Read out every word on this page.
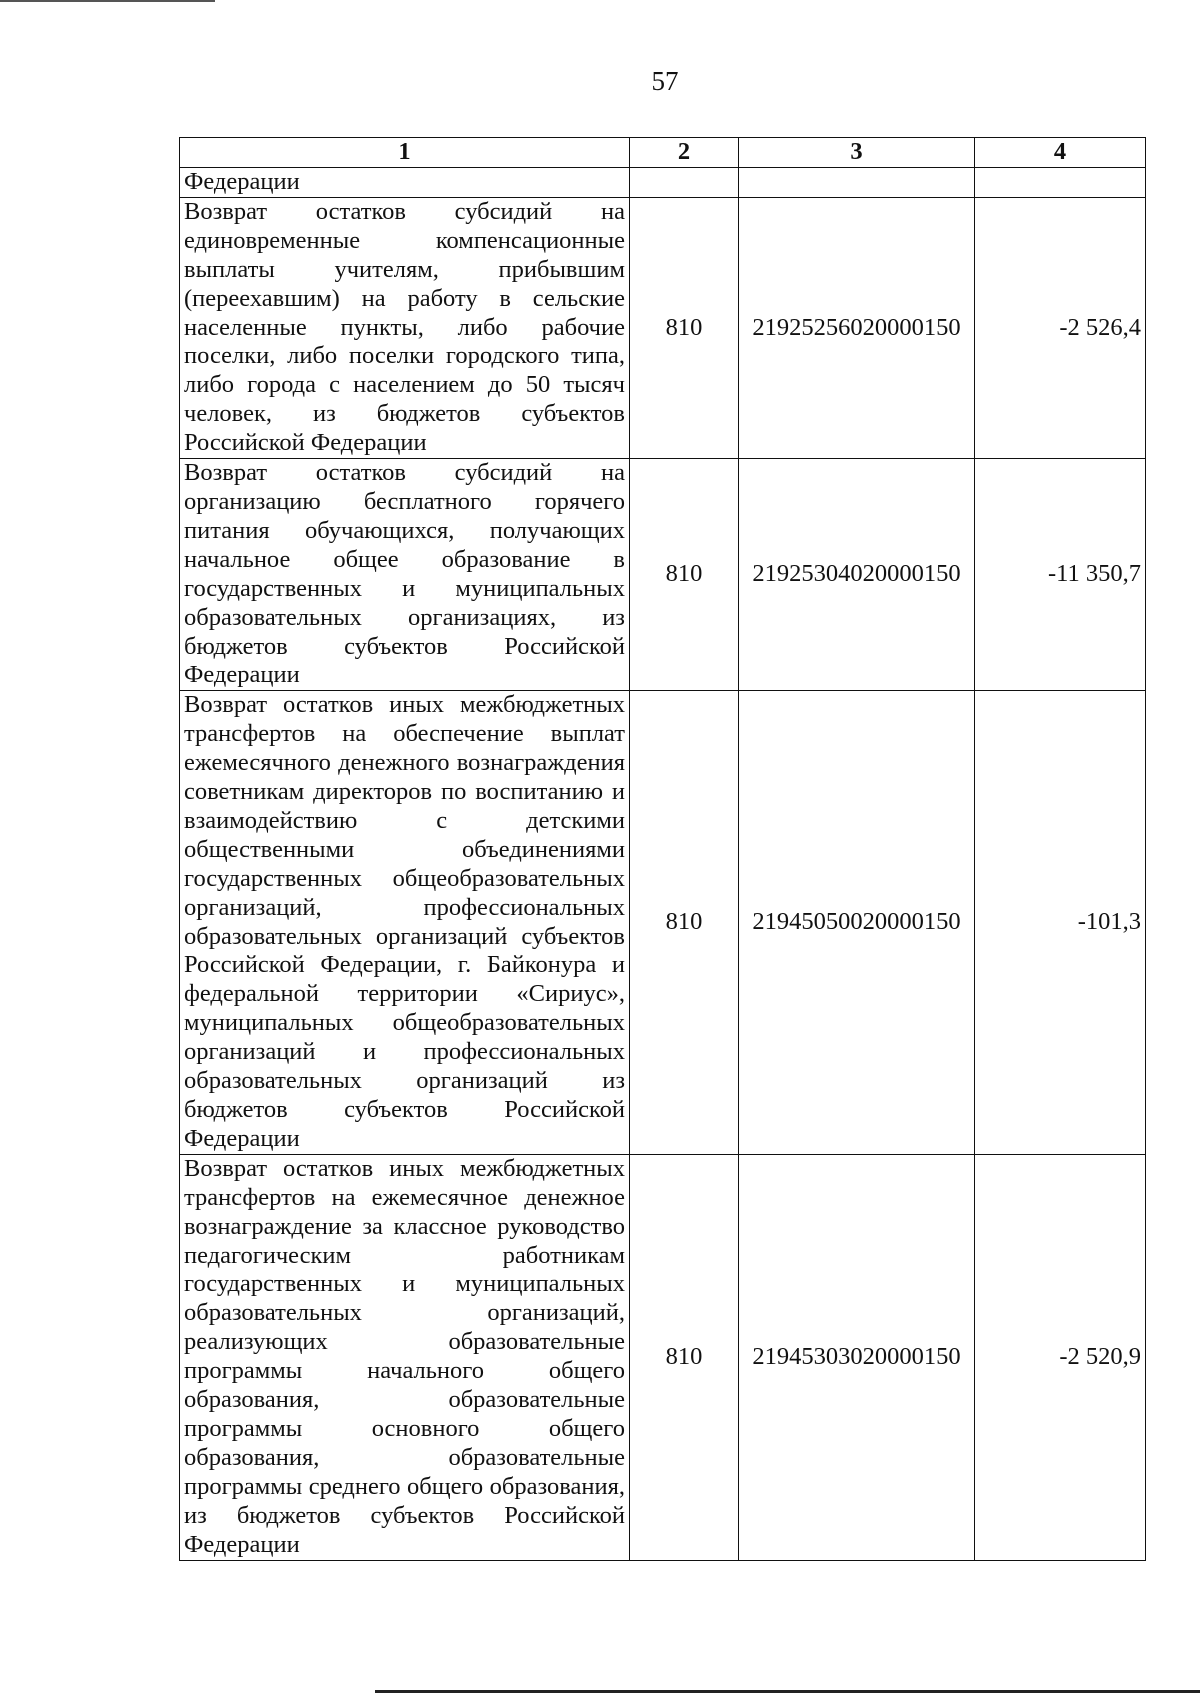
57
1	2	3	4
Федерации			
Возврат остатков субсидий на единовременные компенсационные выплаты учителям, прибывшим (переехавшим) на работу в сельские населенные пункты, либо рабочие поселки, либо поселки городского типа, либо города с населением до 50 тысяч человек, из бюджетов субъектов Российской Федерации	810	21925256020000150	-2 526,4
Возврат остатков субсидий на организацию бесплатного горячего питания обучающихся, получающих начальное общее образование в государственных и муниципальных образовательных организациях, из бюджетов субъектов Российской Федерации	810	21925304020000150	-11 350,7
Возврат остатков иных межбюджетных трансфертов на обеспечение выплат ежемесячного денежного вознаграждения советникам директоров по воспитанию и взаимодействию с детскими общественными объединениями государственных общеобразовательных организаций, профессиональных образовательных организаций субъектов Российской Федерации, г. Байконура и федеральной территории «Сириус», муниципальных общеобразовательных организаций и профессиональных образовательных организаций из бюджетов субъектов Российской Федерации	810	21945050020000150	-101,3
Возврат остатков иных межбюджетных трансфертов на ежемесячное денежное вознаграждение за классное руководство педагогическим работникам государственных и муниципальных образовательных организаций, реализующих образовательные программы начального общего образования, образовательные программы основного общего образования, образовательные программы среднего общего образования, из бюджетов субъектов Российской Федерации	810	21945303020000150	-2 520,9
